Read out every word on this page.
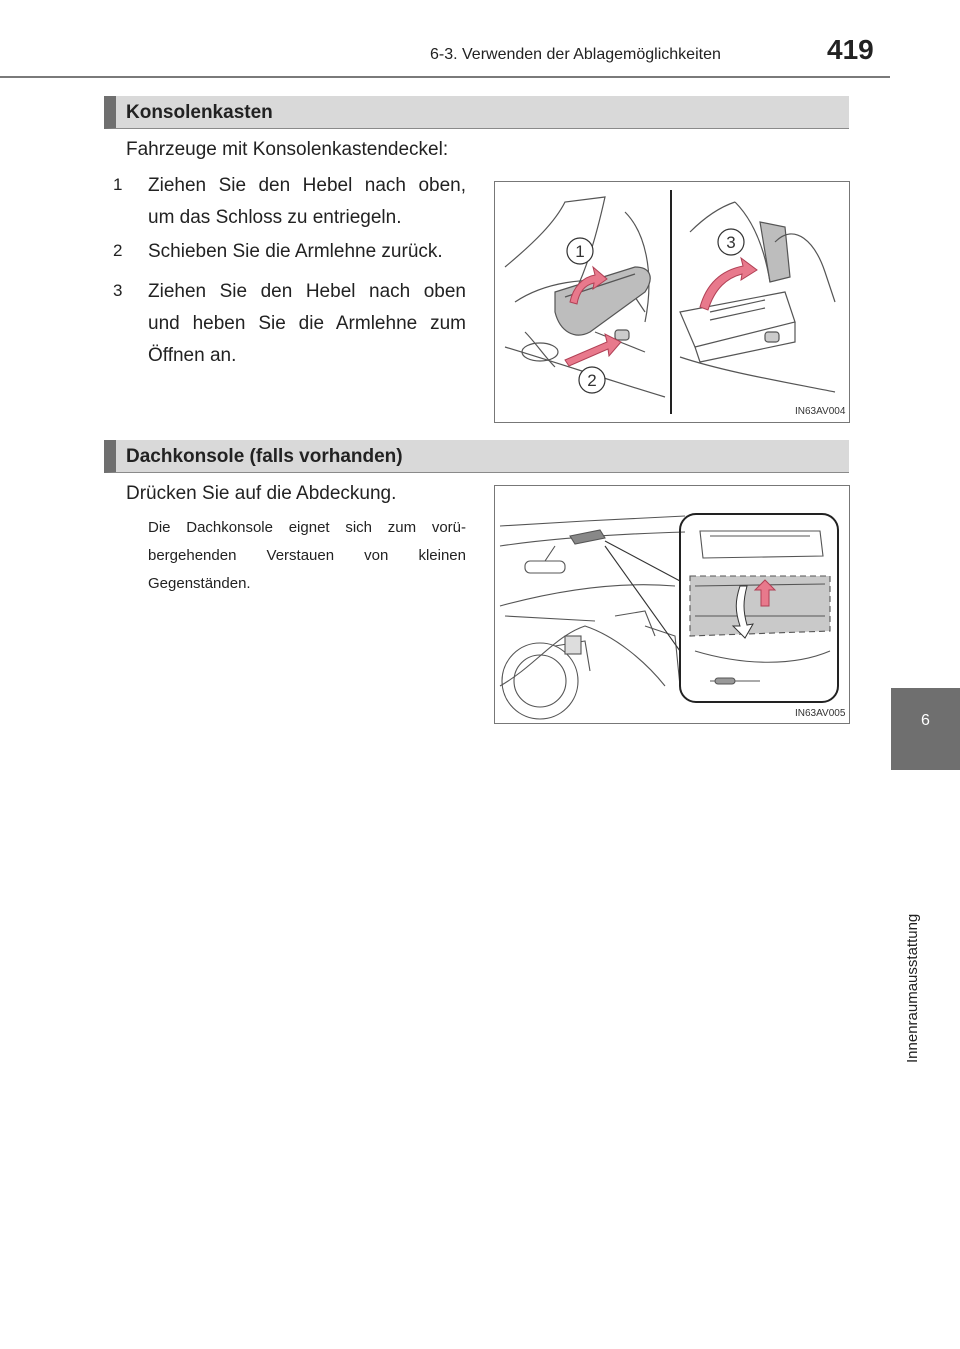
6-3. Verwenden der Ablagemöglichkeiten	419
6
Innenraumausstattung
Konsolenkasten
Fahrzeuge mit Konsolenkastendeckel:
1 Ziehen Sie den Hebel nach oben,
um das Schloss zu entriegeln.
2 Schieben Sie die Armlehne zurück.
3 Ziehen Sie den Hebel nach oben
und heben Sie die Armlehne zum
Öffnen an.
1
2
3
IN63AV004
Dachkonsole (falls vorhanden)
Drücken Sie auf die Abdeckung.
Die Dachkonsole eignet sich zum vorü-
bergehenden Verstauen von kleinen
Gegenständen.
IN63AV005
